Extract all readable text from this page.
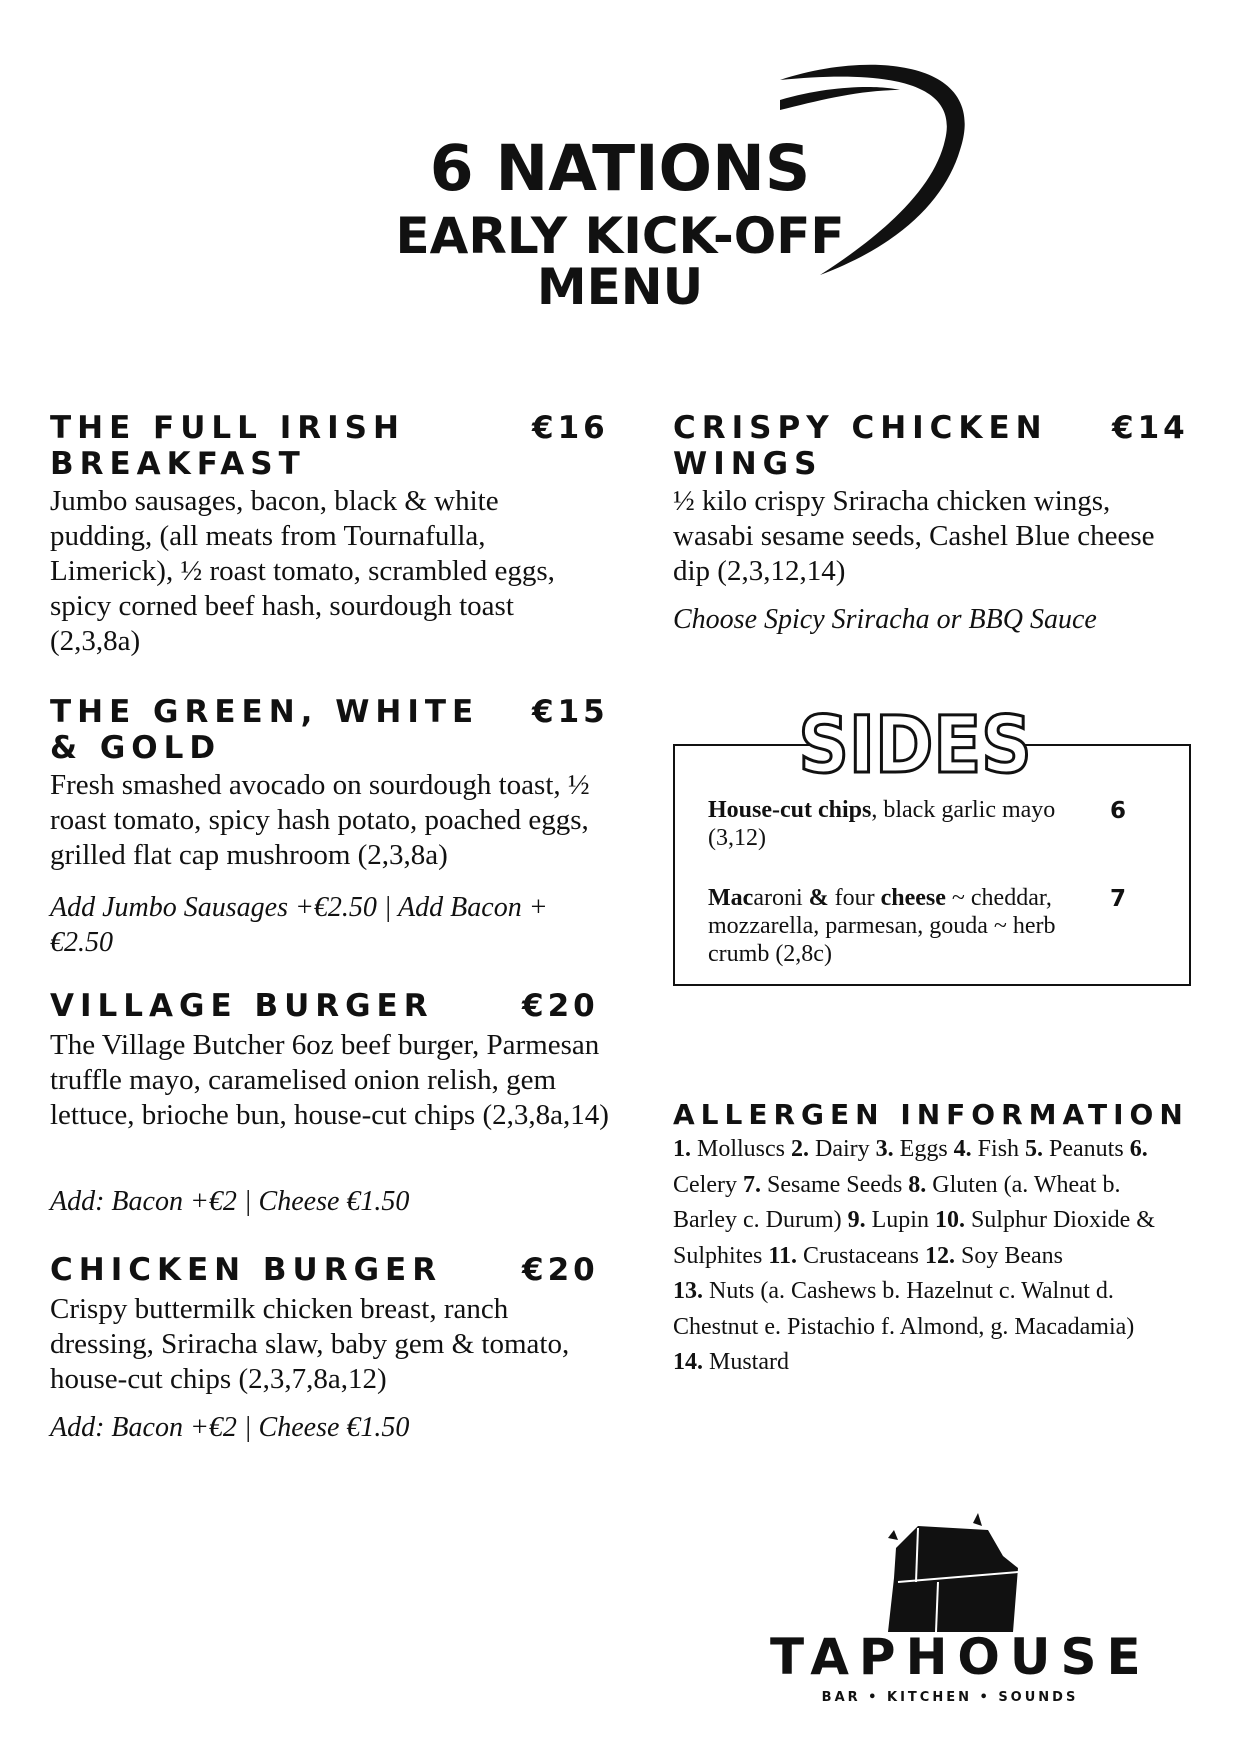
6 NATIONS
EARLY KICK-OFF
MENU
THE FULL IRISH
BREAKFAST
€16
Jumbo sausages, bacon, black & white pudding, (all meats from Tournafulla, Limerick), ½ roast tomato, scrambled eggs, spicy corned beef hash, sourdough toast (2,3,8a)
THE GREEN, WHITE
& GOLD
€15
Fresh smashed avocado on sourdough toast, ½ roast tomato, spicy hash potato, poached eggs, grilled flat cap mushroom (2,3,8a)
Add Jumbo Sausages +€2.50 | Add Bacon + €2.50
VILLAGE BURGER	€20
The Village Butcher 6oz beef burger, Parmesan truffle mayo, caramelised onion relish, gem lettuce, brioche bun, house-cut chips (2,3,8a,14)
Add: Bacon +€2 | Cheese €1.50
CHICKEN BURGER	€20
Crispy buttermilk chicken breast, ranch dressing, Sriracha slaw, baby gem & tomato, house-cut chips (2,3,7,8a,12)
Add: Bacon +€2 | Cheese €1.50
CRISPY CHICKEN
WINGS
€14
½ kilo crispy Sriracha chicken wings, wasabi sesame seeds, Cashel Blue cheese dip (2,3,12,14)
Choose Spicy Sriracha or BBQ Sauce
SIDES
House-cut chips, black garlic mayo (3,12)
6
Macaroni & four cheese ~ cheddar, mozzarella, parmesan, gouda ~ herb crumb (2,8c)
7
ALLERGEN INFORMATION
1. Molluscs 2. Dairy 3. Eggs 4. Fish 5. Peanuts 6. Celery 7. Sesame Seeds 8. Gluten (a. Wheat b. Barley c. Durum) 9. Lupin 10. Sulphur Dioxide & Sulphites 11. Crustaceans 12. Soy Beans
13. Nuts (a. Cashews b. Hazelnut c. Walnut d. Chestnut e. Pistachio f. Almond, g. Macadamia)
14. Mustard
TAPHOUSE
BAR • KITCHEN • SOUNDS
